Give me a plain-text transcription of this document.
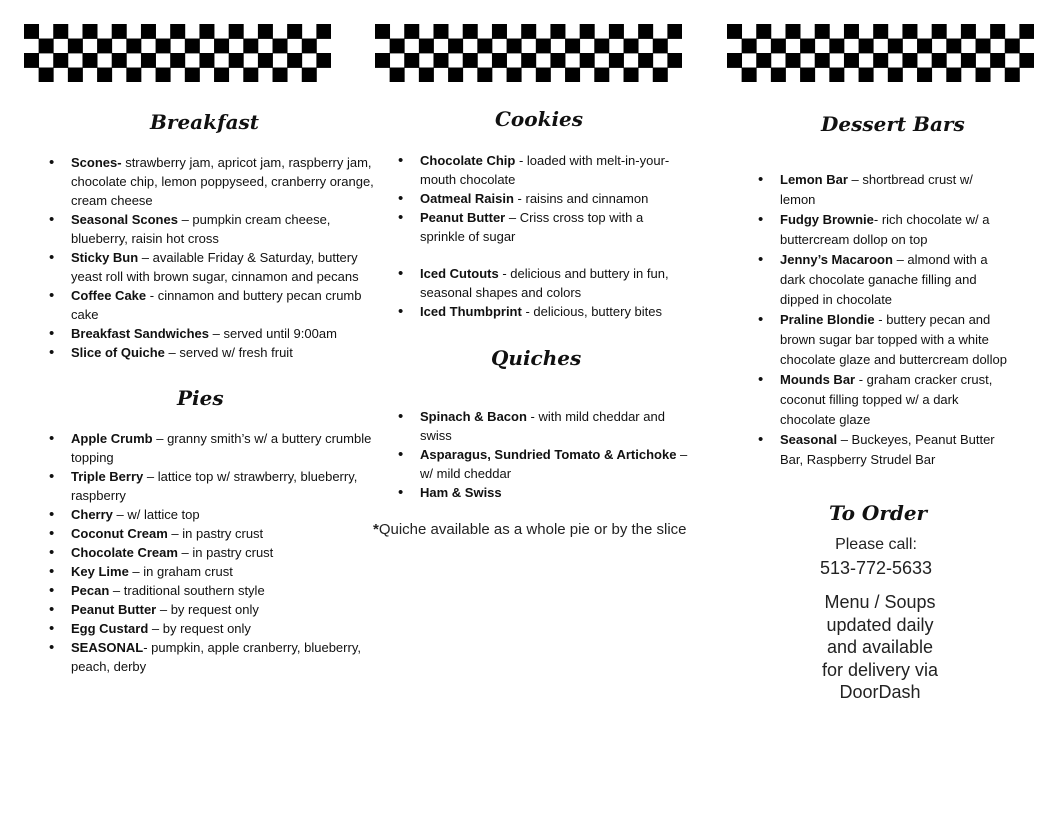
Breakfast
• Scones- strawberry jam, apricot jam, raspberry jam, chocolate chip, lemon poppyseed, cranberry orange, cream cheese
• Seasonal Scones – pumpkin cream cheese, blueberry, raisin hot cross
• Sticky Bun – available Friday & Saturday, buttery yeast roll with brown sugar, cinnamon and pecans
• Coffee Cake - cinnamon and buttery pecan crumb cake
• Breakfast Sandwiches – served until 9:00am
• Slice of Quiche – served w/ fresh fruit
Pies
• Apple Crumb – granny smith’s w/ a buttery crumble topping
• Triple Berry – lattice top w/ strawberry, blueberry, raspberry
• Cherry – w/ lattice top
• Coconut Cream – in pastry crust
• Chocolate Cream – in pastry crust
• Key Lime – in graham crust
• Pecan – traditional southern style
• Peanut Butter – by request only
• Egg Custard – by request only
• SEASONAL- pumpkin, apple cranberry, blueberry, peach, derby
Cookies
• Chocolate Chip - loaded with melt-in-your-mouth chocolate
• Oatmeal Raisin - raisins and cinnamon
• Peanut Butter – Criss cross top with a sprinkle of sugar
• Iced Cutouts - delicious and buttery in fun, seasonal shapes and colors
• Iced Thumbprint - delicious, buttery bites
Quiches
• Spinach & Bacon - with mild cheddar and swiss
• Asparagus, Sundried Tomato & Artichoke – w/ mild cheddar
• Ham & Swiss
*Quiche available as a whole pie or by the slice
Dessert Bars
• Lemon Bar – shortbread crust w/ lemon
• Fudgy Brownie- rich chocolate w/ a buttercream dollop on top
• Jenny’s Macaroon – almond with a dark chocolate ganache filling and dipped in chocolate
• Praline Blondie - buttery pecan and brown sugar bar topped with a white chocolate glaze and buttercream dollop
• Mounds Bar - graham cracker crust, coconut filling topped w/ a dark chocolate glaze
• Seasonal – Buckeyes, Peanut Butter Bar, Raspberry Strudel Bar
To Order
Please call:
513-772-5633
Menu / Soups
updated daily
and available
for delivery via
DoorDash
